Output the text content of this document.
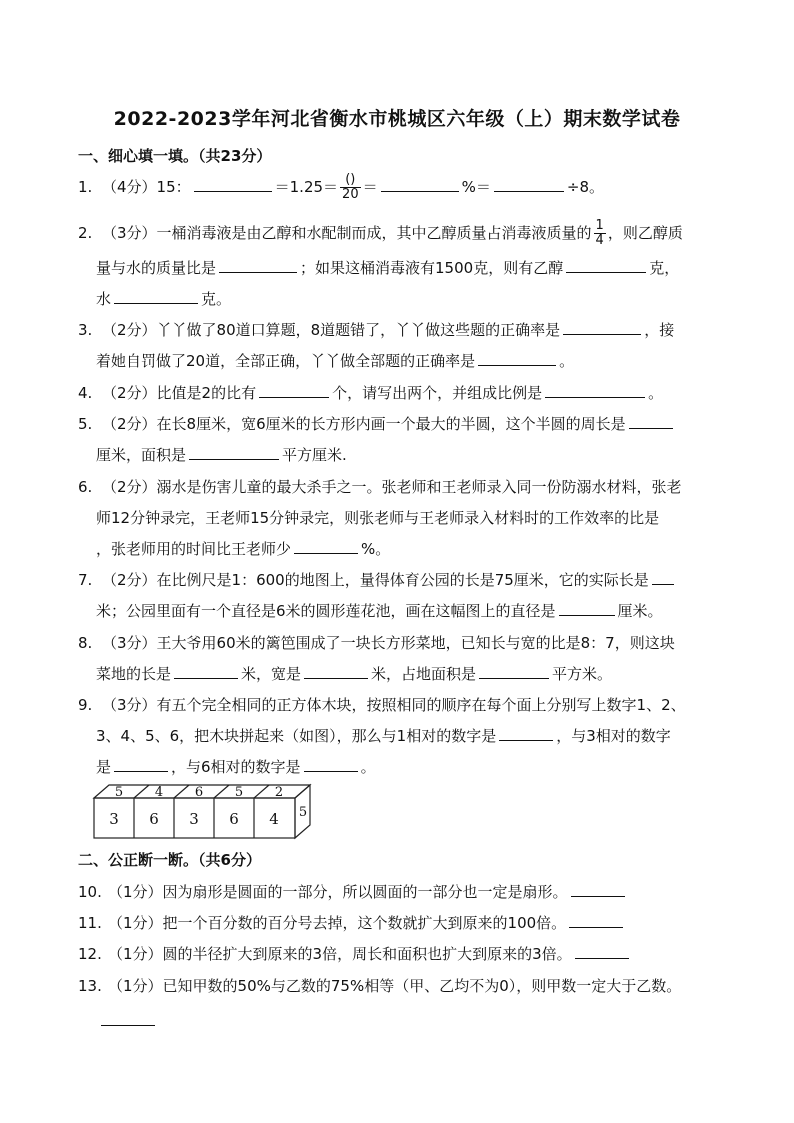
2022-2023学年河北省衡水市桃城区六年级（上）期末数学试卷
一、细心填一填。（共23分）
1. （4分）15：	$=1.25= \frac{()}{20}$ ＝	%＝	÷8。
2. （3分）一桶消毒液是由乙醇和水配制而成，其中乙醇质量占消毒液质量的 $\frac{1}{4}$ ，则乙醇质
量与水的质量比是	；如果这桶消毒液有1500克，则有乙醇	克，
水	克。
3. （2分）丫丫做了80道口算题，8道题错了，丫丫做这些题的正确率是	，接
着她自罚做了20道，全部正确，丫丫做全部题的正确率是	。
4. （2分）比值是2的比有	个，请写出两个，并组成比例是	。
5. （2分）在长8厘米，宽6厘米的长方形内画一个最大的半圆，这个半圆的周长是
厘米，面积是	平方厘米.
6. （2分）溺水是伤害儿童的最大杀手之一。张老师和王老师录入同一份防溺水材料，张老
师12分钟录完，王老师15分钟录完，则张老师与王老师录入材料时的工作效率的比是
，张老师用的时间比王老师少	%。
7. （2分）在比例尺是1：600的地图上，量得体育公园的长是75厘米，它的实际长是
米；公园里面有一个直径是6米的圆形莲花池，画在这幅图上的直径是	厘米。
8. （3分）王大爷用60米的篱笆围成了一块长方形菜地，已知长与宽的比是8：7，则这块
菜地的长是	米，宽是	米，占地面积是	平方米。
9. （3分）有五个完全相同的正方体木块，按照相同的顺序在每个面上分别写上数字1、2、
3、4、5、6，把木块拼起来（如图），那么与1相对的数字是	，与3相对的数字
是	，与6相对的数字是	。
5 4 6 5 2
3 6 3 6 4 5
二、公正断一断。（共6分）
10. （1分）因为扇形是圆面的一部分，所以圆面的一部分也一定是扇形。
11. （1分）把一个百分数的百分号去掉，这个数就扩大到原来的100倍。
12. （1分）圆的半径扩大到原来的3倍，周长和面积也扩大到原来的3倍。
13. （1分）已知甲数的50%与乙数的75%相等（甲、乙均不为0），则甲数一定大于乙数。
